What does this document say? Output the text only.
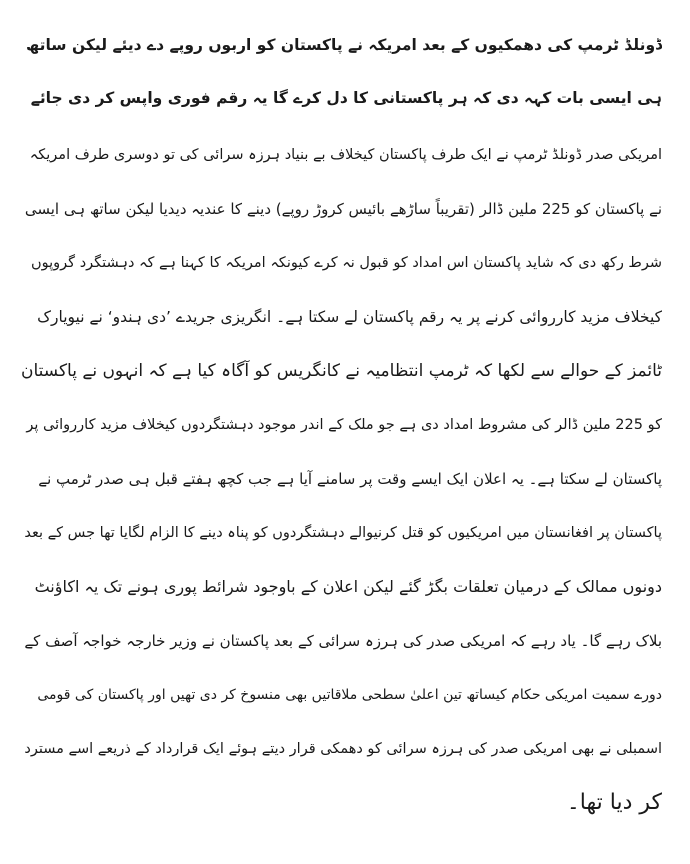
ڈونلڈ ٹرمپ کی دھمکیوں کے بعد امریکہ نے پاکستان کو اربوں روپے دے دیئے لیکن ساتھ
ہی ایسی بات کہہ دی کہ ہر پاکستانی کا دل کرے گا یہ رقم فوری واپس کر دی جائے
امریکی صدر ڈونلڈ ٹرمپ نے ایک طرف پاکستان کیخلاف بے بنیاد ہرزہ سرائی کی تو دوسری طرف امریکہ
نے پاکستان کو 225 ملین ڈالر (تقریباً ساڑھے بائیس کروڑ روپے) دینے کا عندیہ دیدیا لیکن ساتھ ہی ایسی
شرط رکھ دی کہ شاید پاکستان اس امداد کو قبول نہ کرے کیونکہ امریکہ کا کہنا ہے کہ دہشتگرد گروپوں
کیخلاف مزید کارروائی کرنے پر یہ رقم پاکستان لے سکتا ہے۔ انگریزی جریدے ’دی ہندو‘ نے نیویارک
ٹائمز کے حوالے سے لکھا کہ ٹرمپ انتظامیہ نے کانگریس کو آگاہ کیا ہے کہ انہوں نے پاکستان
کو 225 ملین ڈالر کی مشروط امداد دی ہے جو ملک کے اندر موجود دہشتگردوں کیخلاف مزید کارروائی پر
پاکستان لے سکتا ہے۔ یہ اعلان ایک ایسے وقت پر سامنے آیا ہے جب کچھ ہفتے قبل ہی صدر ٹرمپ نے
پاکستان پر افغانستان میں امریکیوں کو قتل کرنیوالے دہشتگردوں کو پناہ دینے کا الزام لگایا تھا جس کے بعد
دونوں ممالک کے درمیان تعلقات بگڑ گئے لیکن اعلان کے باوجود شرائط پوری ہونے تک یہ اکاؤنٹ
بلاک رہے گا۔ یاد رہے کہ امریکی صدر کی ہرزہ سرائی کے بعد پاکستان نے وزیر خارجہ خواجہ آصف کے
دورے سمیت امریکی حکام کیساتھ تین اعلیٰ سطحی ملاقاتیں بھی منسوخ کر دی تھیں اور پاکستان کی قومی
اسمبلی نے بھی امریکی صدر کی ہرزہ سرائی کو دھمکی قرار دیتے ہوئے ایک قرارداد کے ذریعے اسے مسترد
کر دیا تھا۔
